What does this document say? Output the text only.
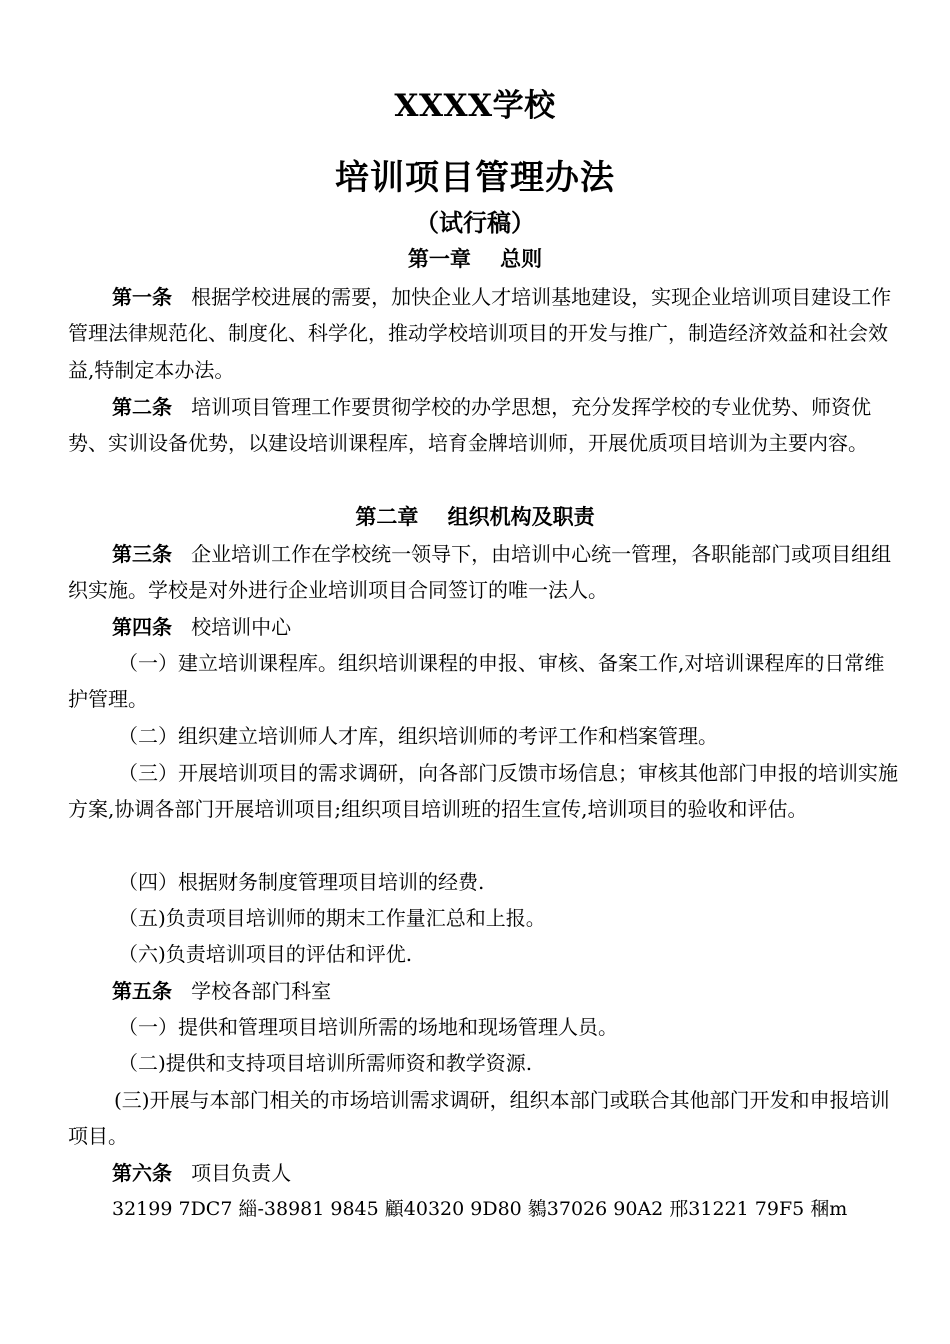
XXXX学校
培训项目管理办法
（试行稿）
第一章    总则

第一条 根据学校进展的需要，加快企业人才培训基地建设，实现企业培训项目建设工作管理法律规范化、制度化、科学化，推动学校培训项目的开发与推广，制造经济效益和社会效益,特制定本办法。

第二条 培训项目管理工作要贯彻学校的办学思想，充分发挥学校的专业优势、师资优势、实训设备优势，以建设培训课程库，培育金牌培训师，开展优质项目培训为主要内容。

第二章    组织机构及职责

第三条 企业培训工作在学校统一领导下，由培训中心统一管理，各职能部门或项目组组织实施。学校是对外进行企业培训项目合同签订的唯一法人。

第四条 校培训中心

（一）建立培训课程库。组织培训课程的申报、审核、备案工作,对培训课程库的日常维护管理。

（二）组织建立培训师人才库，组织培训师的考评工作和档案管理。

（三）开展培训项目的需求调研，向各部门反馈市场信息；审核其他部门申报的培训实施方案,协调各部门开展培训项目;组织项目培训班的招生宣传,培训项目的验收和评估。

（四）根据财务制度管理项目培训的经费.

（五)负责项目培训师的期末工作量汇总和上报。

（六)负责培训项目的评估和评优.

第五条 学校各部门科室

（一）提供和管理项目培训所需的场地和现场管理人员。

（二)提供和支持项目培训所需师资和教学资源.

(三)开展与本部门相关的市场培训需求调研，组织本部门或联合其他部门开发和申报培训项目。

第六条 项目负责人

32199 7DC7 緇-38981 9845 顧40320 9D80 鶨37026 90A2 邢31221 79F5 稛m
